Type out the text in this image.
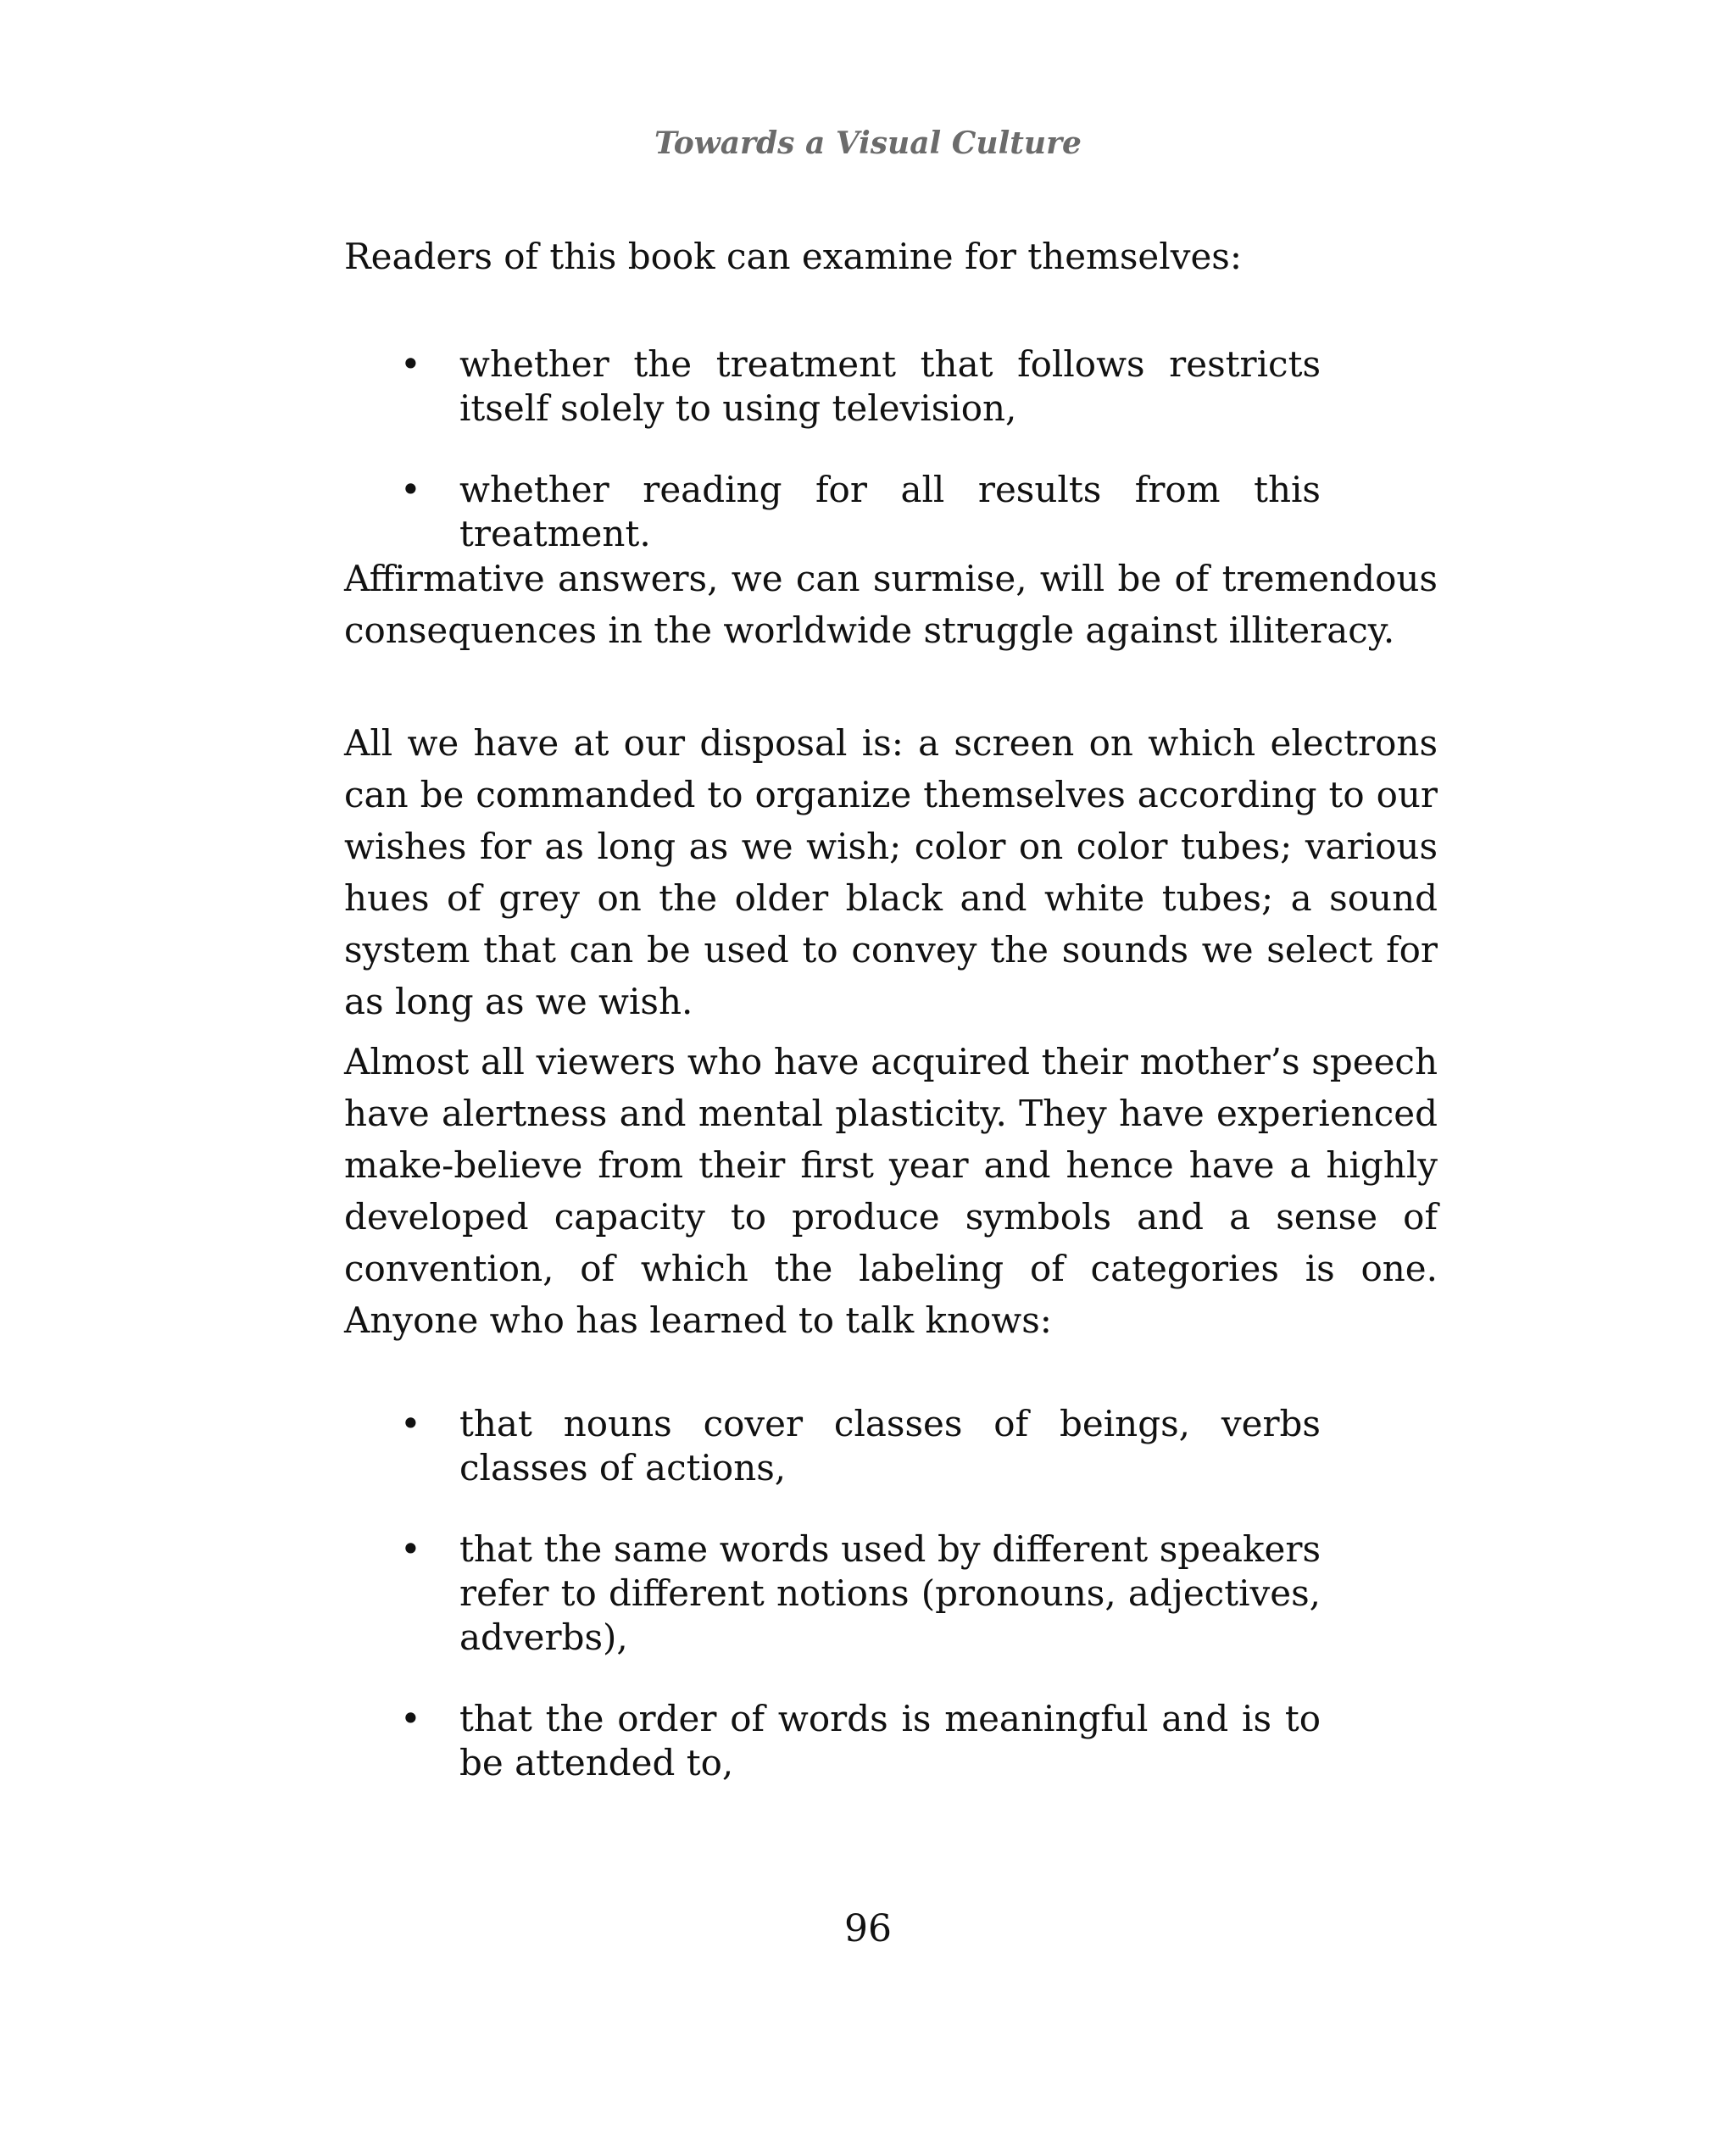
Towards a Visual Culture

Readers of this book can examine for themselves:

• whether the treatment that follows restricts itself solely to using television,

• whether reading for all results from this treatment.

Affirmative answers, we can surmise, will be of tremendous consequences in the worldwide struggle against illiteracy.

All we have at our disposal is: a screen on which electrons can be commanded to organize themselves according to our wishes for as long as we wish; color on color tubes; various hues of grey on the older black and white tubes; a sound system that can be used to convey the sounds we select for as long as we wish.

Almost all viewers who have acquired their mother’s speech have alertness and mental plasticity. They have experienced make-believe from their first year and hence have a highly developed capacity to produce symbols and a sense of convention, of which the labeling of categories is one. Anyone who has learned to talk knows:

• that nouns cover classes of beings, verbs classes of actions,

• that the same words used by different speakers refer to different notions (pronouns, adjectives, adverbs),

• that the order of words is meaningful and is to be attended to,

96
